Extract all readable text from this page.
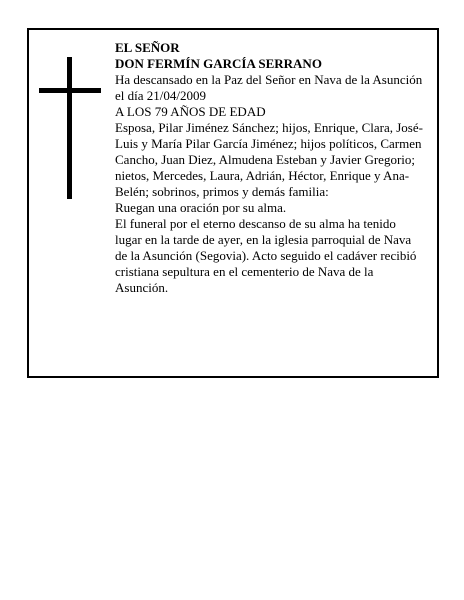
EL SEÑOR

DON FERMÍN GARCÍA SERRANO

Ha descansado en la Paz del Señor en Nava de la Asunción el día 21/04/2009

A LOS 79 AÑOS DE EDAD

Esposa, Pilar Jiménez Sánchez; hijos, Enrique, Clara, José-Luis y María Pilar García Jiménez; hijos políticos, Carmen Cancho, Juan Diez, Almudena Esteban y Javier Gregorio; nietos, Mercedes, Laura, Adrián, Héctor, Enrique y Ana-Belén; sobrinos, primos y demás familia:

Ruegan una oración por su alma.

El funeral por el eterno descanso de su alma ha tenido lugar en la tarde de ayer, en la iglesia parroquial de Nava de la Asunción (Segovia). Acto seguido el cadáver recibió cristiana sepultura en el cementerio de Nava de la Asunción.
